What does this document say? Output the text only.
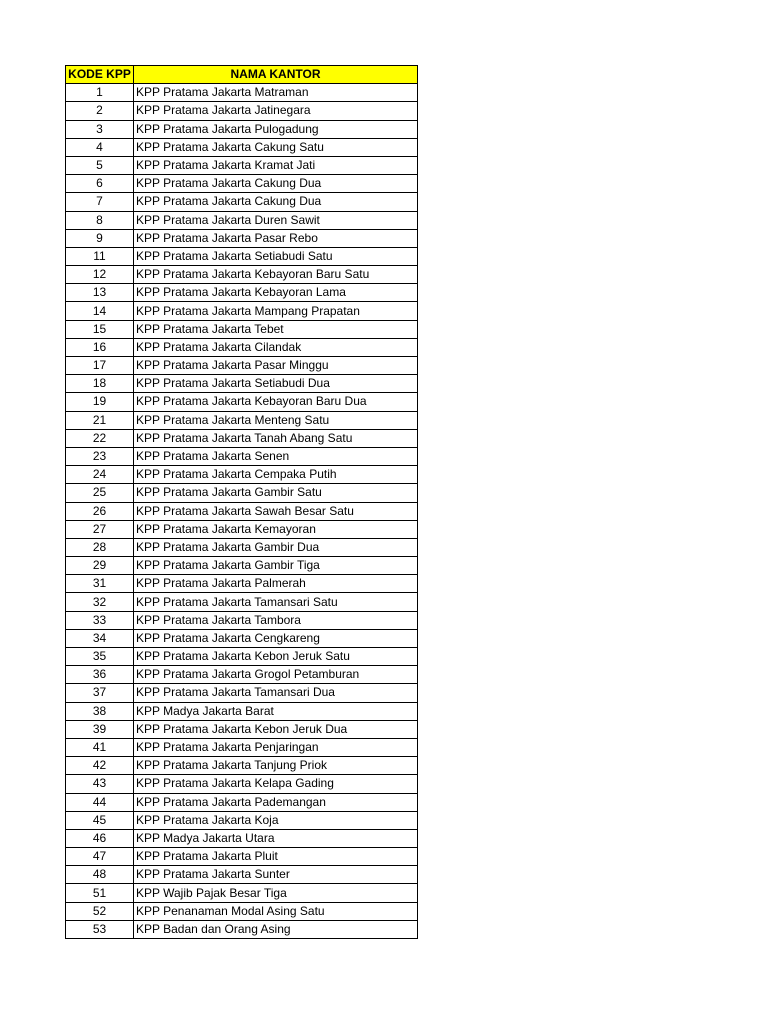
KODE KPP	NAMA KANTOR
1	KPP Pratama Jakarta Matraman
2	KPP Pratama Jakarta Jatinegara
3	KPP Pratama Jakarta Pulogadung
4	KPP Pratama Jakarta Cakung Satu
5	KPP Pratama Jakarta Kramat Jati
6	KPP Pratama Jakarta Cakung Dua
7	KPP Pratama Jakarta Cakung Dua
8	KPP Pratama Jakarta Duren Sawit
9	KPP Pratama Jakarta Pasar Rebo
11	KPP Pratama Jakarta Setiabudi Satu
12	KPP Pratama Jakarta Kebayoran Baru Satu
13	KPP Pratama Jakarta Kebayoran Lama
14	KPP Pratama Jakarta Mampang Prapatan
15	KPP Pratama Jakarta Tebet
16	KPP Pratama Jakarta Cilandak
17	KPP Pratama Jakarta Pasar Minggu
18	KPP Pratama Jakarta Setiabudi Dua
19	KPP Pratama Jakarta Kebayoran Baru Dua
21	KPP Pratama Jakarta Menteng Satu
22	KPP Pratama Jakarta Tanah Abang Satu
23	KPP Pratama Jakarta Senen
24	KPP Pratama Jakarta Cempaka Putih
25	KPP Pratama Jakarta Gambir Satu
26	KPP Pratama Jakarta Sawah Besar Satu
27	KPP Pratama Jakarta Kemayoran
28	KPP Pratama Jakarta Gambir Dua
29	KPP Pratama Jakarta Gambir Tiga
31	KPP Pratama Jakarta Palmerah
32	KPP Pratama Jakarta Tamansari Satu
33	KPP Pratama Jakarta Tambora
34	KPP Pratama Jakarta Cengkareng
35	KPP Pratama Jakarta Kebon Jeruk Satu
36	KPP Pratama Jakarta Grogol Petamburan
37	KPP Pratama Jakarta Tamansari Dua
38	KPP Madya Jakarta Barat
39	KPP Pratama Jakarta Kebon Jeruk Dua
41	KPP Pratama Jakarta Penjaringan
42	KPP Pratama Jakarta Tanjung Priok
43	KPP Pratama Jakarta Kelapa Gading
44	KPP Pratama Jakarta Pademangan
45	KPP Pratama Jakarta Koja
46	KPP Madya Jakarta Utara
47	KPP Pratama Jakarta Pluit
48	KPP Pratama Jakarta Sunter
51	KPP Wajib Pajak Besar Tiga
52	KPP Penanaman Modal Asing Satu
53	KPP Badan dan Orang Asing
